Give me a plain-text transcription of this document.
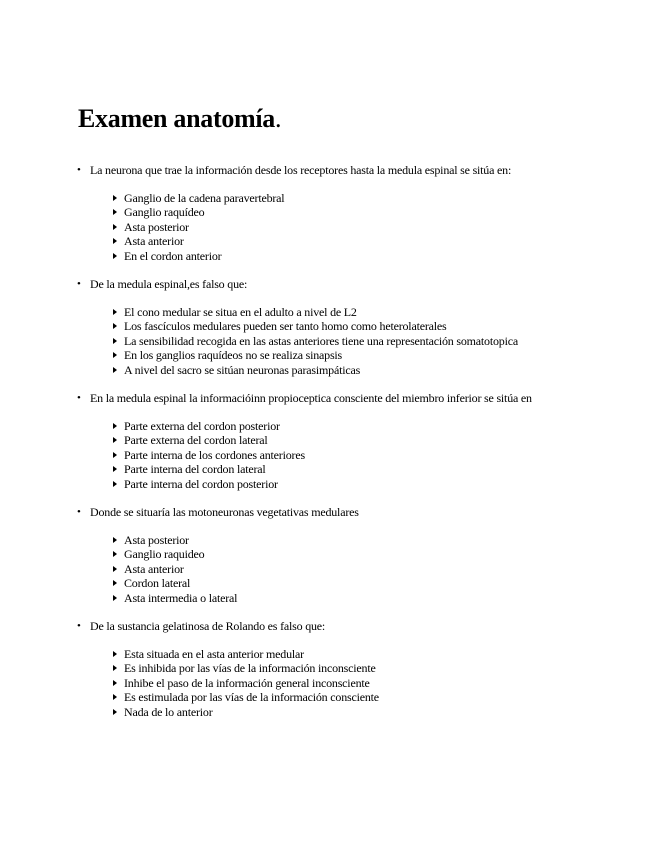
Examen anatomía.
• La neurona que trae la información desde los receptores hasta la medula espinal se sitúa en:
Ganglio de la cadena paravertebral
Ganglio raquídeo
Asta posterior
Asta anterior
En el cordon anterior
• De la medula espinal,es falso que:
El cono medular se situa en el adulto a nivel de L2
Los fascículos medulares pueden ser tanto homo como heterolaterales
La sensibilidad recogida en las astas anteriores tiene una representación somatotopica
En los ganglios raquídeos no se realiza sinapsis
A nivel del sacro se sitúan neuronas parasimpáticas
• En la medula espinal la informacióinn propioceptica consciente del miembro inferior se sitúa en
Parte externa del cordon posterior
Parte externa del cordon lateral
Parte interna de los cordones anteriores
Parte interna del cordon lateral
Parte interna del cordon posterior
• Donde se situaría las motoneuronas vegetativas medulares
Asta posterior
Ganglio raquideo
Asta anterior
Cordon lateral
Asta intermedia o lateral
• De la sustancia gelatinosa de Rolando es falso que:
Esta situada en el asta anterior medular
Es inhibida por las vías de la información inconsciente
Inhibe el paso de la información general inconsciente
Es estimulada por las vías de la información consciente
Nada de lo anterior
